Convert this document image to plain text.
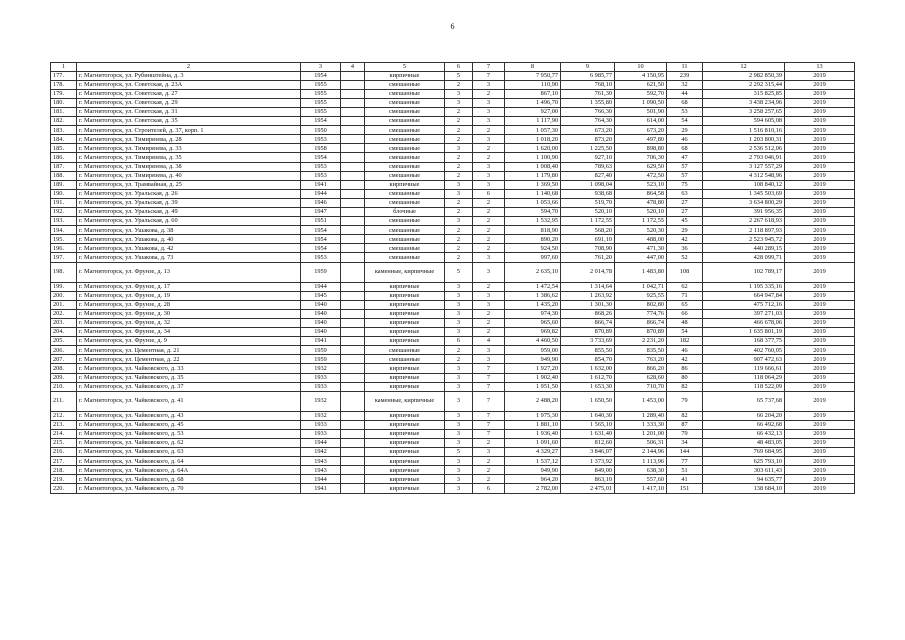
6
1	2	3	4	5	6	7	8	9	10	11	12	13
177.	г. Магнитогорск, ул. Рубинштейна, д. 3	1954		кирпичные	5	7	7 950,77	6 985,77	4 150,95	239	2 982 850,39	2019
178.	г. Магнитогорск, ул. Советская, д. 23А	1955		смешанные	2	3	110,90	768,10	621,50	32	2 292 315,44	2019
179.	г. Магнитогорск, ул. Советская, д. 27	1955		смешанные	3	2	867,10	761,30	592,70	44	315 825,85	2019
180.	г. Магнитогорск, ул. Советская, д. 29	1955		смешанные	3	3	1 496,70	1 355,80	1 090,50	68	3 438 234,96	2019
181.	г. Магнитогорск, ул. Советская, д. 31	1955		смешанные	2	3	927,00	766,30	501,90	53	3 258 257,65	2019
182.	г. Магнитогорск, ул. Советская, д. 35	1954		смешанные	2	3	1 117,90	764,30	614,00	54	594 605,08	2019
183.	г. Магнитогорск, ул. Строителей, д. 37, корп. 1	1950		смешанные	2	2	1 057,30	673,20	673,20	29	1 516 810,16	2019
184.	г. Магнитогорск, ул. Тимирязева, д. 28	1953		смешанные	2	3	1 018,20	873,20	497,80	46	1 203 800,31	2019
185.	г. Магнитогорск, ул. Тимирязева, д. 33	1958		смешанные	3	2	1 620,00	1 225,50	898,80	68	2 536 512,06	2019
186.	г. Магнитогорск, ул. Тимирязева, д. 35	1954		смешанные	2	2	1 100,90	927,10	706,30	47	2 793 046,91	2019
187.	г. Магнитогорск, ул. Тимирязева, д. 38	1953		смешанные	2	3	1 008,40	789,63	629,50	57	3 127 557,29	2019
188.	г. Магнитогорск, ул. Тимирязева, д. 40	1953		смешанные	2	3	1 179,80	827,40	472,50	57	4 312 548,96	2019
189.	г. Магнитогорск, ул. Трамвайная, д. 25	1941		кирпичные	3	3	1 369,50	1 098,04	523,10	75	108 840,12	2019
190.	г. Магнитогорск, ул. Уральская, д. 26	1944		смешанные	3	6	1 140,68	938,68	864,58	63	1 345 503,69	2019
191.	г. Магнитогорск, ул. Уральская, д. 39	1946		смешанные	2	2	1 053,66	519,70	478,80	27	3 634 800,29	2019
192.	г. Магнитогорск, ул. Уральская, д. 49	1947		блочные	2	2	594,70	520,10	520,10	27	391 956,35	2019
193.	г. Магнитогорск, ул. Уральская, д. 60	1951		смешанные	3	2	1 532,95	1 172,55	1 172,55	45	2 267 618,93	2019
194.	г. Магнитогорск, ул. Ушакова, д. 38	1954		смешанные	2	2	818,90	568,20	520,30	29	2 118 897,93	2019
195.	г. Магнитогорск, ул. Ушакова, д. 40	1954		смешанные	2	2	890,20	691,10	488,00	42	2 523 945,72	2019
196.	г. Магнитогорск, ул. Ушакова, д. 42	1954		смешанные	2	2	924,50	708,90	471,30	36	440 289,15	2019
197.	г. Магнитогорск, ул. Ушакова, д. 73	1953		смешанные	2	3	997,60	761,20	447,00	52	428 099,71	2019
198.	г. Магнитогорск, ул. Фрунзе, д. 13	1959		каменные, кирпичные	5	3	2 635,10	2 014,78	1 483,80	108	102 789,17	2019
199.	г. Магнитогорск, ул. Фрунзе, д. 17	1944		кирпичные	3	2	1 472,54	1 314,64	1 042,71	62	1 195 335,16	2019
200.	г. Магнитогорск, ул. Фрунзе, д. 19	1945		кирпичные	3	3	1 386,62	1 263,92	925,55	71	664 947,84	2019
201.	г. Магнитогорск, ул. Фрунзе, д. 28	1940		кирпичные	3	3	1 435,20	1 301,30	802,80	65	475 712,16	2019
202.	г. Магнитогорск, ул. Фрунзе, д. 30	1940		кирпичные	3	2	974,30	868,26	774,76	66	397 271,03	2019
203.	г. Магнитогорск, ул. Фрунзе, д. 32	1940		кирпичные	3	2	965,60	866,74	866,74	48	466 678,06	2019
204.	г. Магнитогорск, ул. Фрунзе, д. 34	1940		кирпичные	3	2	969,82	870,89	870,89	54	1 635 801,19	2019
205.	г. Магнитогорск, ул. Фрунзе, д. 9	1941		кирпичные	6	4	4 460,50	3 733,69	2 231,20	182	168 377,75	2019
206.	г. Магнитогорск, ул. Цементная, д. 21	1959		смешанные	2	3	959,00	855,50	835,50	46	402 760,05	2019
207.	г. Магнитогорск, ул. Цементная, д. 22	1959		смешанные	2	3	949,90	854,70	763,20	42	907 472,63	2019
208.	г. Магнитогорск, ул. Чайковского, д. 33	1932		кирпичные	3	7	1 927,20	1 632,00	866,20	86	119 666,61	2019
209.	г. Магнитогорск, ул. Чайковского, д. 35	1933		кирпичные	3	7	1 902,40	1 612,70	628,60	80	118 064,29	2019
210.	г. Магнитогорск, ул. Чайковского, д. 37	1933		кирпичные	3	7	1 951,50	1 653,30	710,70	82	118 522,09	2019
211.	г. Магнитогорск, ул. Чайковского, д. 41	1932		каменные, кирпичные	3	7	2 488,20	1 650,50	1 453,00	79	65 737,68	2019
212.	г. Магнитогорск, ул. Чайковского, д. 43	1932		кирпичные	3	7	1 975,30	1 640,30	1 289,40	82	66 204,20	2019
213.	г. Магнитогорск, ул. Чайковского, д. 45	1933		кирпичные	3	7	1 881,10	1 565,10	1 333,30	87	66 492,68	2019
214.	г. Магнитогорск, ул. Чайковского, д. 53	1933		кирпичные	3	7	1 936,40	1 631,40	1 201,00	79	66 432,13	2019
215.	г. Магнитогорск, ул. Чайковского, д. 62	1944		кирпичные	3	2	1 091,60	812,60	506,31	34	48 483,05	2019
216.	г. Магнитогорск, ул. Чайковского, д. 63	1942		кирпичные	5	3	4 329,27	3 846,07	2 144,96	144	769 684,95	2019
217.	г. Магнитогорск, ул. Чайковского, д. 64	1943		кирпичные	3	2	1 537,12	1 373,92	1 113,96	77	625 793,10	2019
218.	г. Магнитогорск, ул. Чайковского, д. 64А	1943		кирпичные	3	2	949,90	849,00	638,30	51	303 611,43	2019
219.	г. Магнитогорск, ул. Чайковского, д. 68	1944		кирпичные	3	2	964,20	863,10	557,60	41	94 635,77	2019
220.	г. Магнитогорск, ул. Чайковского, д. 70	1941		кирпичные	3	6	2 782,00	2 475,01	1 417,10	151	138 684,10	2019
